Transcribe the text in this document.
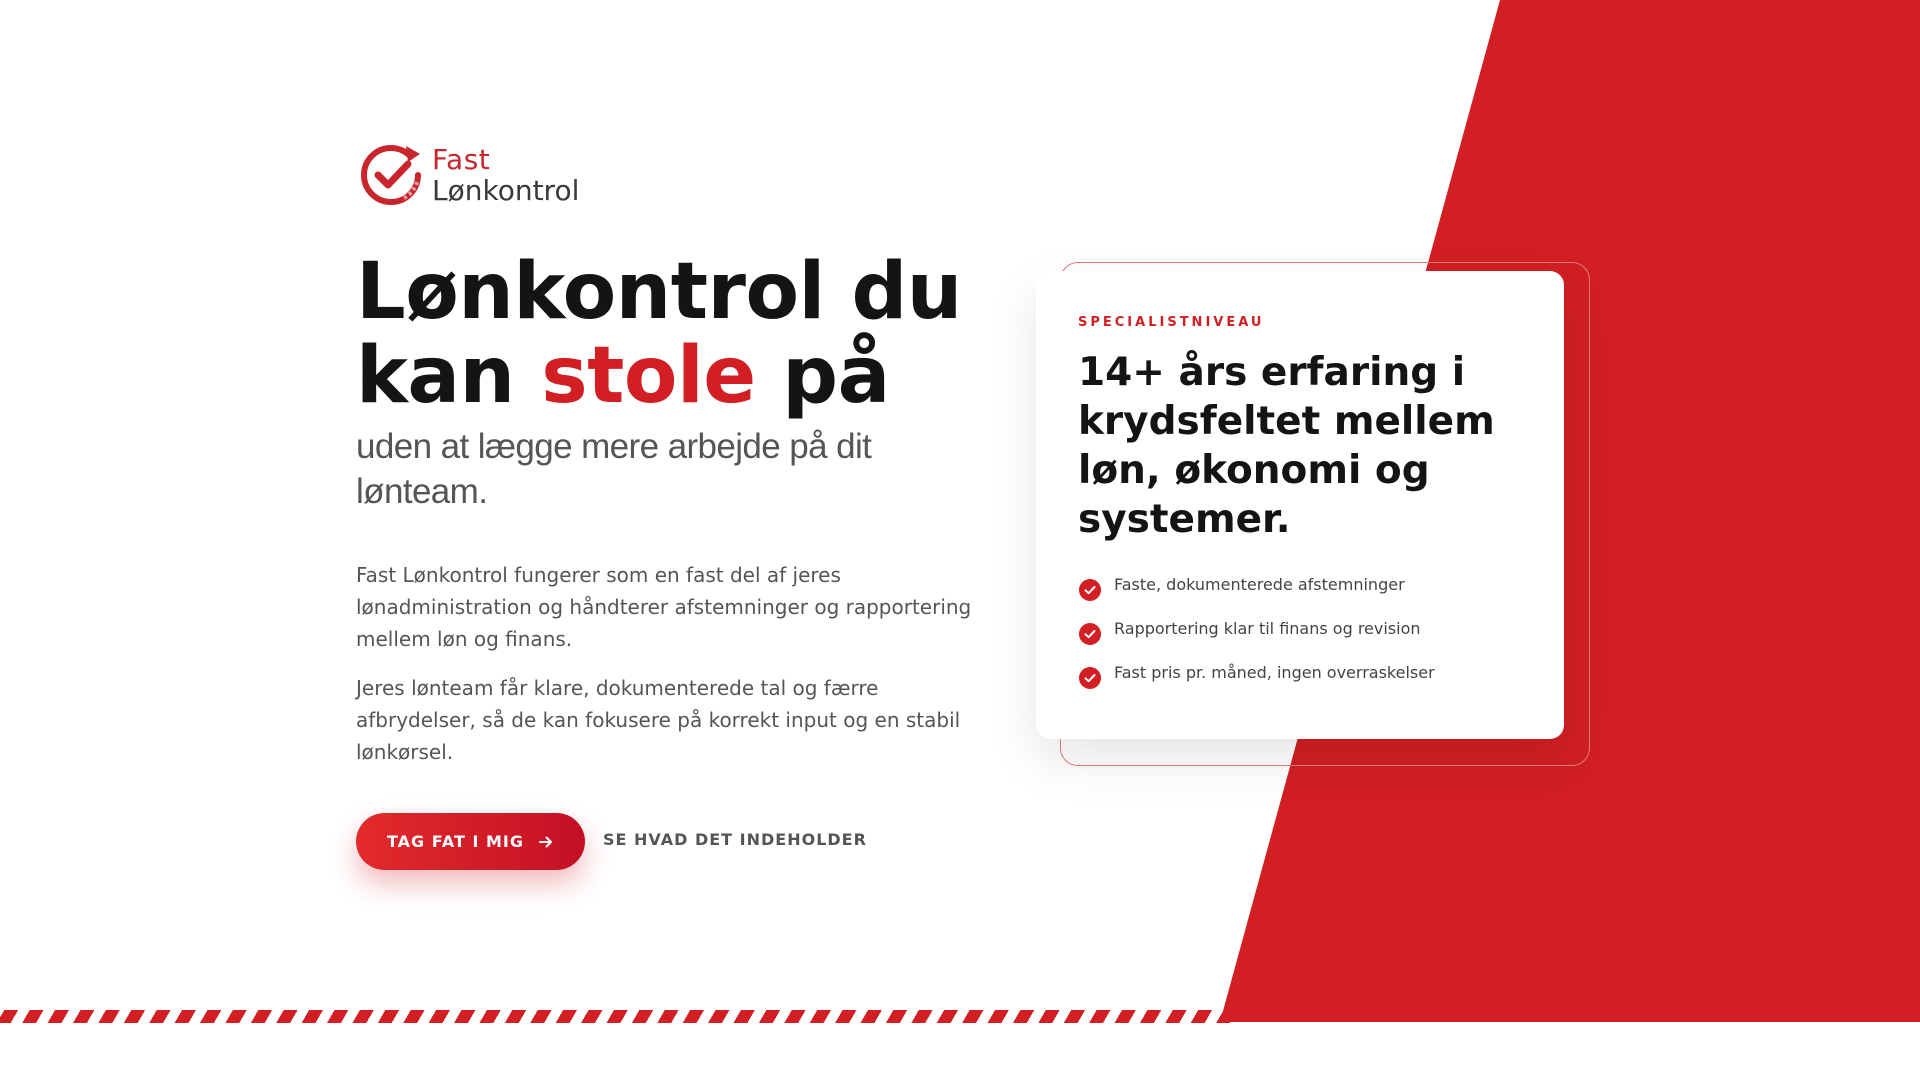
Fast
Lønkontrol
Lønkontrol du kan stole på

uden at lægge mere arbejde på dit lønteam.

Fast Lønkontrol fungerer som en fast del af jeres lønadministration og håndterer afstemninger og rapportering mellem løn og finans.

Jeres lønteam får klare, dokumenterede tal og færre afbrydelser, så de kan fokusere på korrekt input og en stabil lønkørsel.

TAG FAT I MIG	SE HVAD DET INDEHOLDER

SPECIALISTNIVEAU

14+ års erfaring i krydsfeltet mellem løn, økonomi og systemer.
Faste, dokumenterede afstemninger
Rapportering klar til finans og revision
Fast pris pr. måned, ingen overraskelser
